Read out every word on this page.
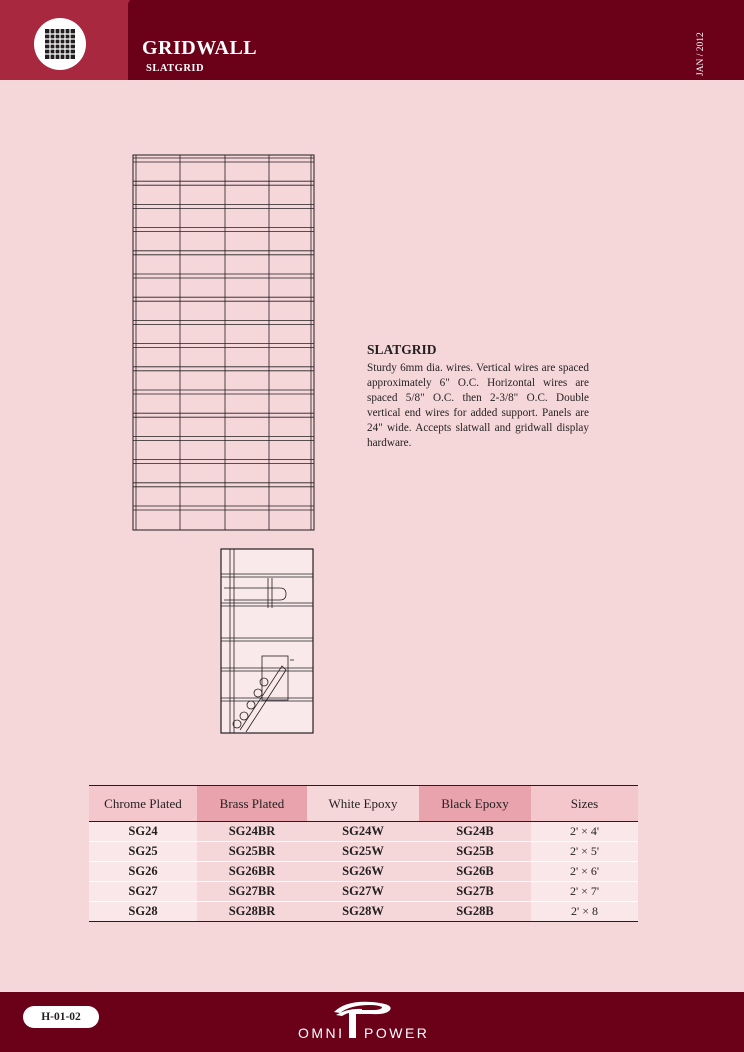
GRIDWALL
SLATGRID	JAN / 2012
SLATGRID
Sturdy 6mm dia. wires. Vertical wires are spaced approximately 6" O.C. Horizontal wires are spaced 5/8" O.C. then 2-3/8" O.C. Double vertical end wires for added support. Panels are 24" wide. Accepts slatwall and gridwall display hardware.
Chrome Plated	Brass Plated	White Epoxy	Black Epoxy	Sizes
SG24	SG24BR	SG24W	SG24B	2' × 4'
SG25	SG25BR	SG25W	SG25B	2' × 5'
SG26	SG26BR	SG26W	SG26B	2' × 6'
SG27	SG27BR	SG27W	SG27B	2' × 7'
SG28	SG28BR	SG28W	SG28B	2' × 8
H-01-02
OMNI POWER
